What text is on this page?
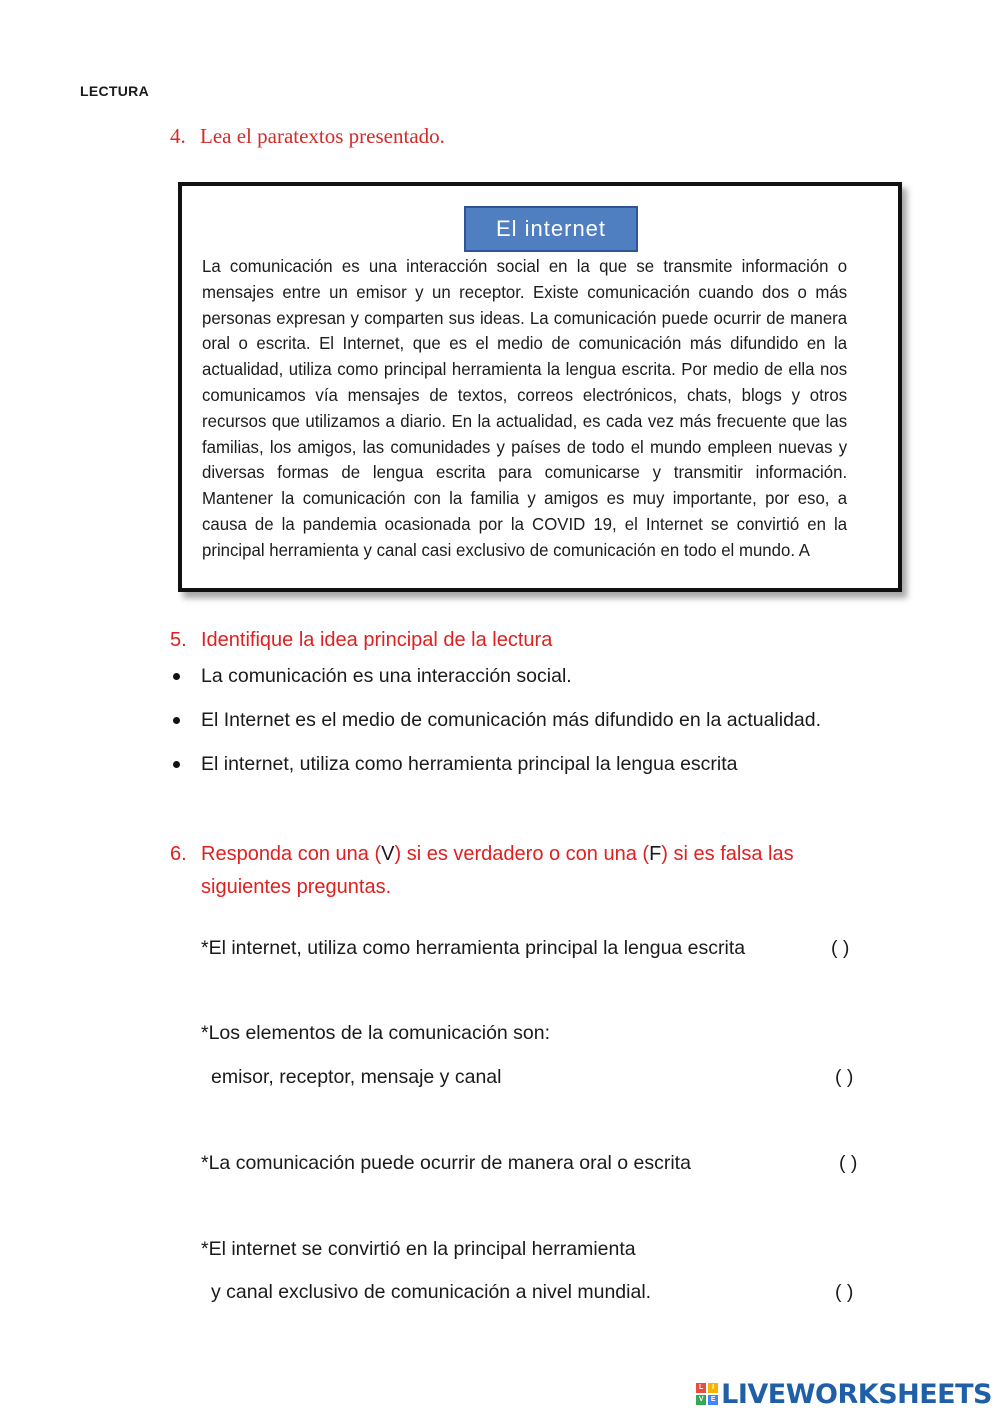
LECTURA
4. Lea el paratextos presentado.
El internet
La comunicación es una interacción social en la que se transmite información o mensajes entre un emisor y un receptor. Existe comunicación cuando dos o más personas expresan y comparten sus ideas. La comunicación puede ocurrir de manera oral o escrita. El Internet, que es el medio de comunicación más difundido en la actualidad, utiliza como principal herramienta la lengua escrita. Por medio de ella nos comunicamos vía mensajes de textos, correos electrónicos, chats, blogs y otros recursos que utilizamos a diario. En la actualidad, es cada vez más frecuente que las familias, los amigos, las comunidades y países de todo el mundo empleen nuevas y diversas formas de lengua escrita para comunicarse y transmitir información. Mantener la comunicación con la familia y amigos es muy importante, por eso, a causa de la pandemia ocasionada por la COVID 19, el Internet se convirtió en la principal herramienta y canal casi exclusivo de comunicación en todo el mundo. A
5. Identifique la idea principal de la lectura
La comunicación es una interacción social.
El Internet es el medio de comunicación más difundido en la actualidad.
El internet, utiliza como herramienta principal la lengua escrita
6. Responda con una (V) si es verdadero o con una (F) si es falsa las
siguientes preguntas.
*El internet, utiliza como herramienta principal la lengua escrita	( )
*Los elementos de la comunicación son:
emisor, receptor, mensaje y canal	( )
*La comunicación puede ocurrir de manera oral o escrita	( )
*El internet se convirtió en la principal herramienta
y canal exclusivo de comunicación a nivel mundial.	( )
L	I
V	E LIVEWORKSHEETS
